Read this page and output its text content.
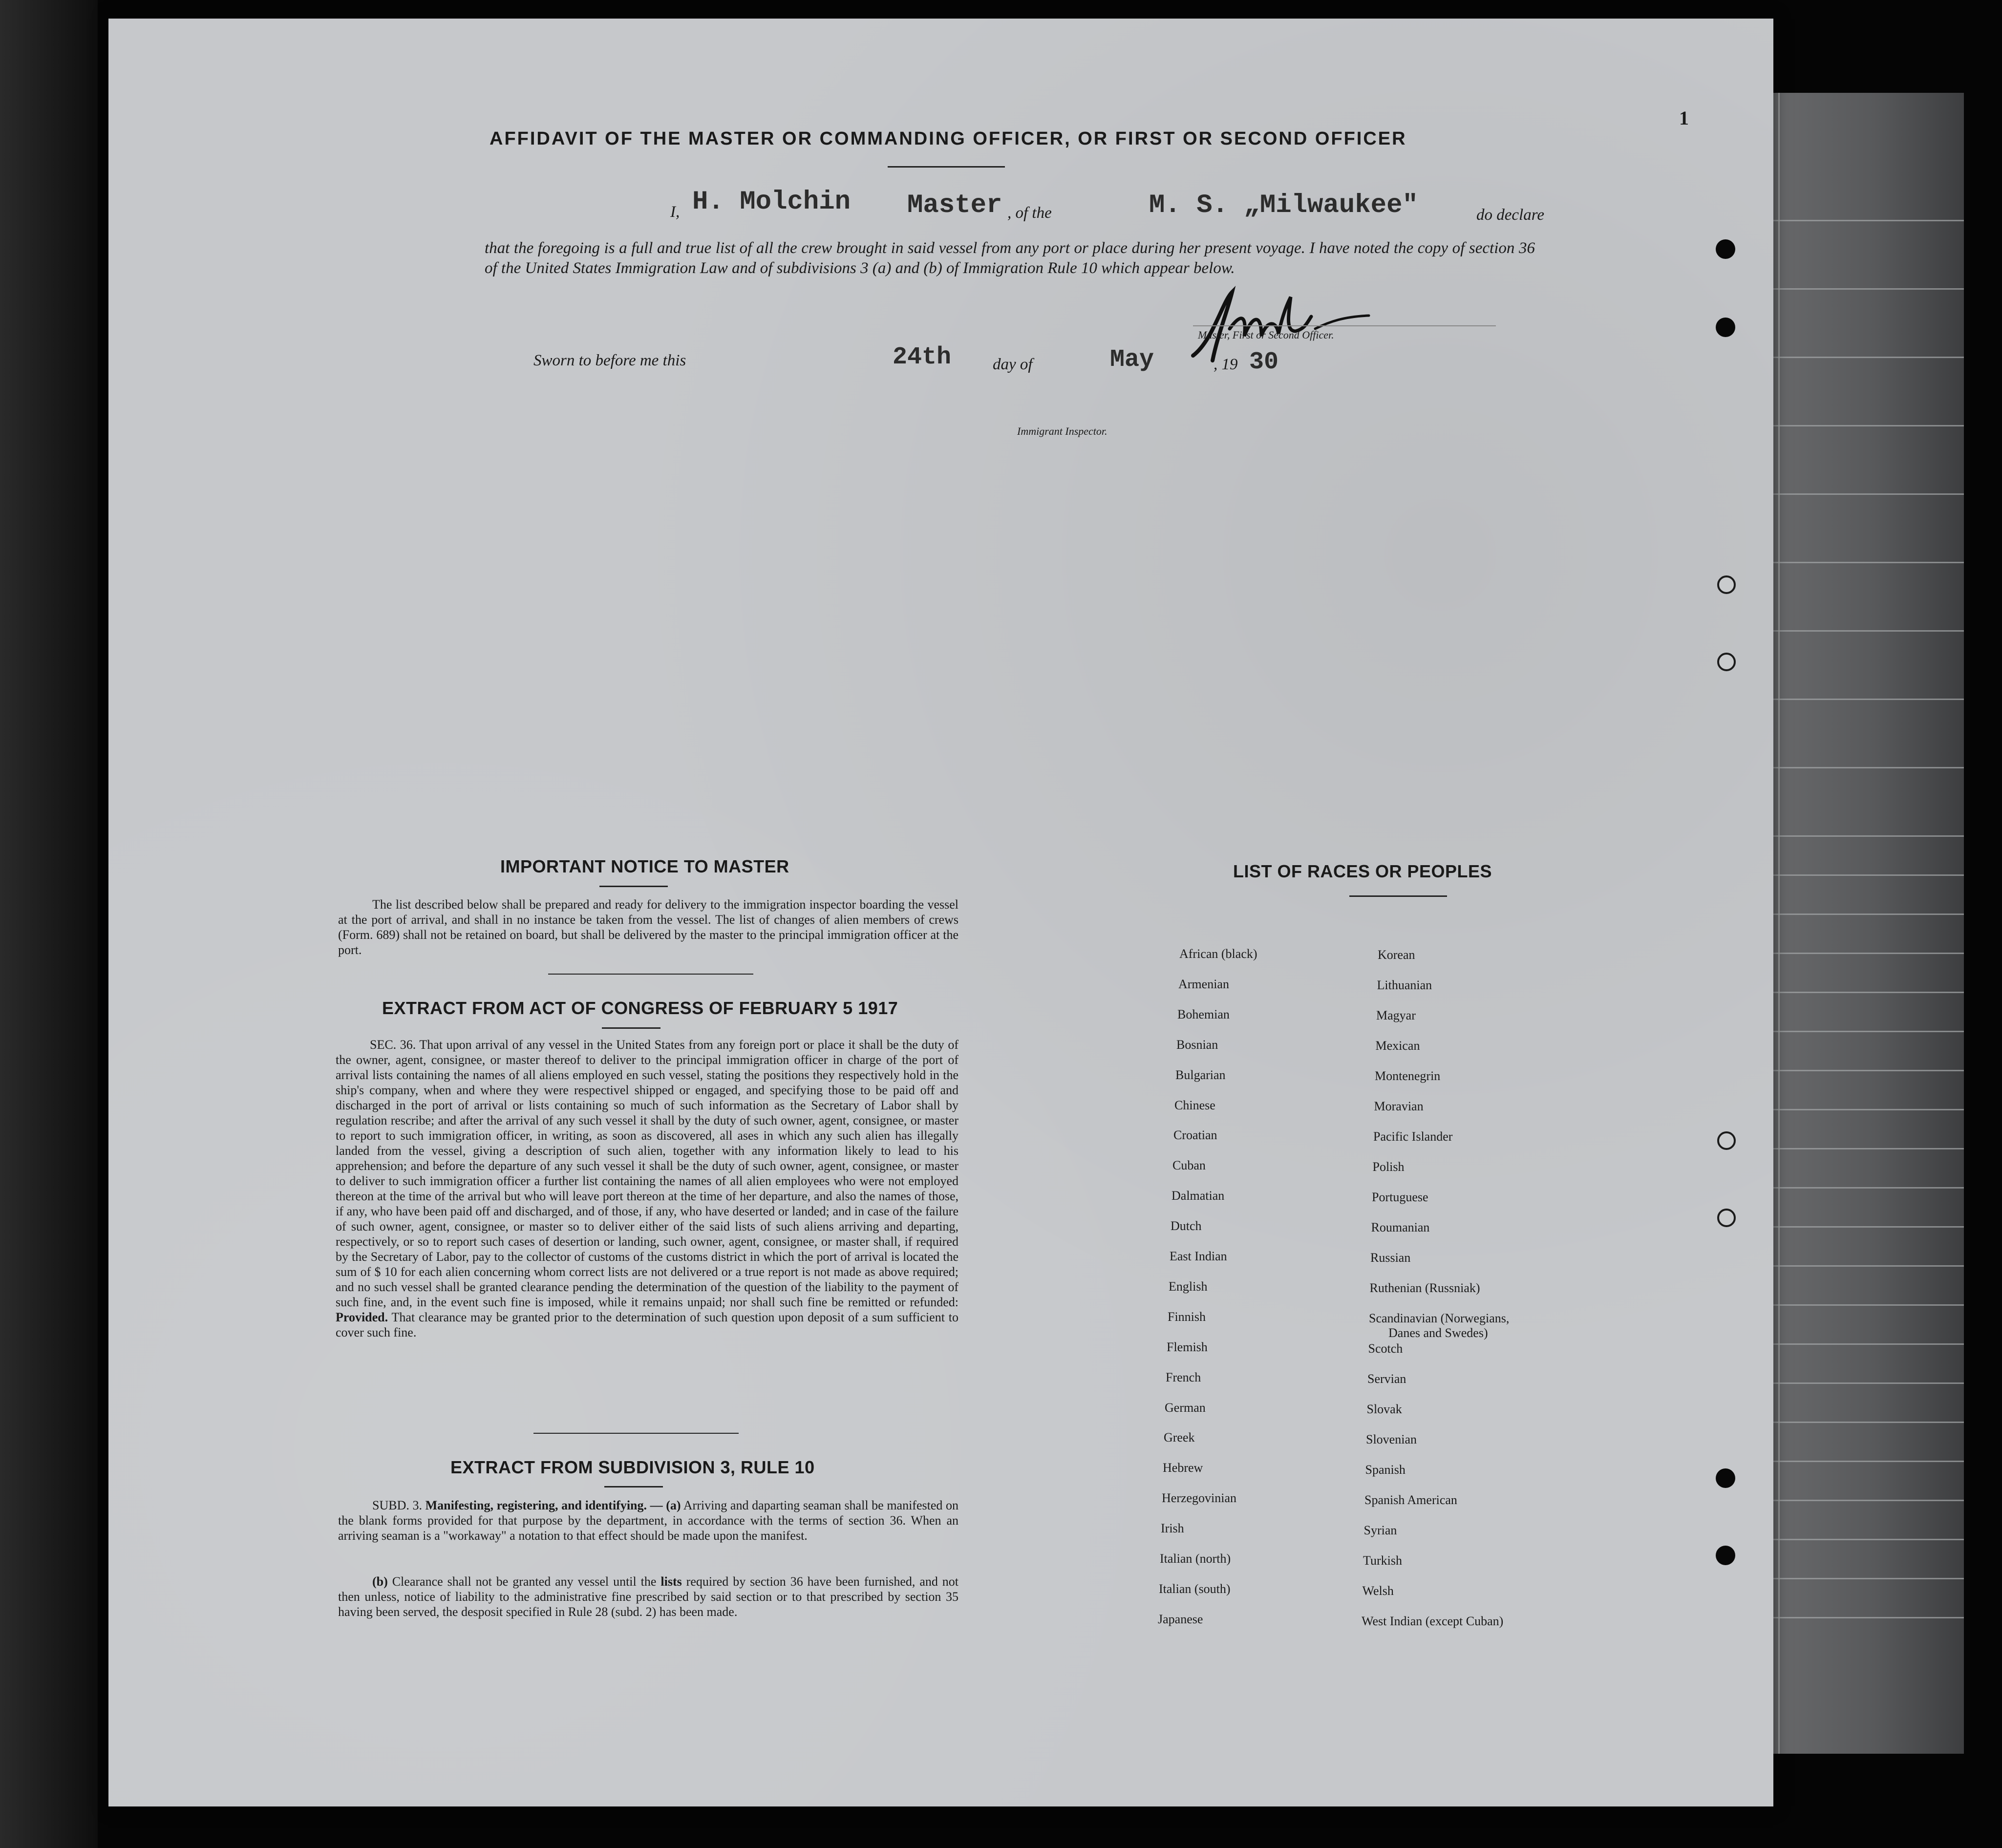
AFFIDAVIT OF THE MASTER OR COMMANDING OFFICER, OR FIRST OR SECOND OFFICER
I, H. Molchin Master , of the	M. S. „Milwaukee"	do declare
that the foregoing is a full and true list of all the crew brought in said vessel from any port or place during her present voyage. I have noted the copy of section 36 of the United States Immigration Law and of subdivisions 3 (a) and (b) of Immigration Rule 10 which appear below.
Master, First or Second Officer.
Sworn to before me this	24th	day of	May	, 19 30
Immigrant Inspector.
1
IMPORTANT NOTICE TO MASTER
The list described below shall be prepared and ready for delivery to the immigration inspector boarding the vessel at the port of arrival, and shall in no instance be taken from the vessel. The list of changes of alien members of crews (Form. 689) shall not be retained on board, but shall be delivered by the master to the principal immigration officer at the port.
EXTRACT FROM ACT OF CONGRESS OF FEBRUARY 5 1917
SEC. 36. That upon arrival of any vessel in the United States from any foreign port or place it shall be the duty of the owner, agent, consignee, or master thereof to deliver to the principal immigration officer in charge of the port of arrival lists containing the names of all aliens employed en such vessel, stating the positions they respectively hold in the ship's company, when and where they were respectivel shipped or engaged, and specifying those to be paid off and discharged in the port of arrival or lists containing so much of such information as the Secretary of Labor shall by regulation rescribe; and after the arrival of any such vessel it shall by the duty of such owner, agent, consignee, or master to report to such immigration officer, in writing, as soon as discovered, all ases in which any such alien has illegally landed from the vessel, giving a description of such alien, together with any information likely to lead to his apprehension; and before the departure of any such vessel it shall be the duty of such owner, agent, consignee, or master to deliver to such immigration officer a further list containing the names of all alien employees who were not employed thereon at the time of the arrival but who will leave port thereon at the time of her departure, and also the names of those, if any, who have been paid off and discharged, and of those, if any, who have deserted or landed; and in case of the failure of such owner, agent, consignee, or master so to deliver either of the said lists of such aliens arriving and departing, respectively, or so to report such cases of desertion or landing, such owner, agent, consignee, or master shall, if required by the Secretary of Labor, pay to the collector of customs of the customs district in which the port of arrival is located the sum of $ 10 for each alien concerning whom correct lists are not delivered or a true report is not made as above required; and no such vessel shall be granted clearance pending the determination of the question of the liability to the payment of such fine, and, in the event such fine is imposed, while it remains unpaid; nor shall such fine be remitted or refunded: Provided. That clearance may be granted prior to the determination of such question upon deposit of a sum sufficient to cover such fine.
EXTRACT FROM SUBDIVISION 3, RULE 10
SUBD. 3. Manifesting, registering, and identifying. — (a) Arriving and daparting seaman shall be manifested on the blank forms provided for that purpose by the department, in accordance with the terms of section 36. When an arriving seaman is a "workaway" a notation to that effect should be made upon the manifest.
(b) Clearance shall not be granted any vessel until the lists required by section 36 have been furnished, and not then unless, notice of liability to the administrative fine prescribed by said section or to that prescribed by section 35 having been served, the desposit specified in Rule 28 (subd. 2) has been made.
LIST OF RACES OR PEOPLES
African (black)
Armenian
Bohemian
Bosnian
Bulgarian
Chinese
Croatian
Cuban
Dalmatian
Dutch
East Indian
English
Finnish
Flemish
French
German
Greek
Hebrew
Herzegovinian
Irish
Italian (north)
Italian (south)
Japanese
Korean
Lithuanian
Magyar
Mexican
Montenegrin
Moravian
Pacific Islander
Polish
Portuguese
Roumanian
Russian
Ruthenian (Russniak)
Scandinavian (Norwegians,
Danes and Swedes)
Scotch
Servian
Slovak
Slovenian
Spanish
Spanish American
Syrian
Turkish
Welsh
West Indian (except Cuban)
